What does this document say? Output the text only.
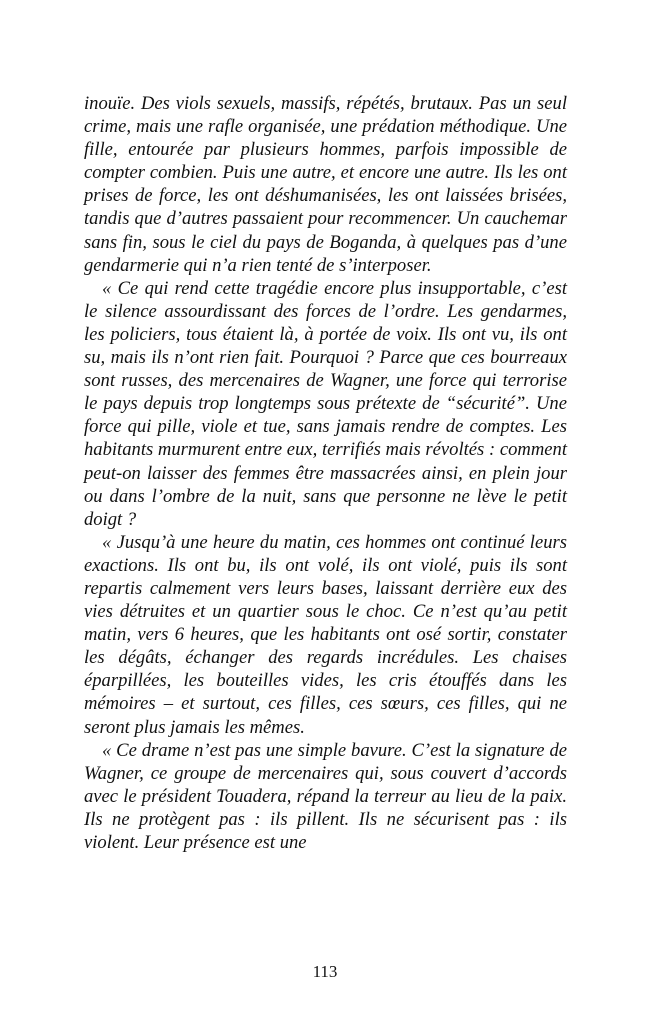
inouïe. Des viols sexuels, massifs, répétés, brutaux. Pas un seul crime, mais une rafle organisée, une prédation méthodique. Une fille, entourée par plusieurs hommes, parfois impossible de compter combien. Puis une autre, et encore une autre. Ils les ont prises de force, les ont déshumanisées, les ont laissées brisées, tandis que d’autres passaient pour recommencer. Un cauchemar sans fin, sous le ciel du pays de Boganda, à quelques pas d’une gendarmerie qui n’a rien tenté de s’interposer.

« Ce qui rend cette tragédie encore plus insupportable, c’est le silence assourdissant des forces de l’ordre. Les gendarmes, les policiers, tous étaient là, à portée de voix. Ils ont vu, ils ont su, mais ils n’ont rien fait. Pourquoi ? Parce que ces bourreaux sont russes, des mercenaires de Wagner, une force qui terrorise le pays depuis trop longtemps sous prétexte de “sécurité”. Une force qui pille, viole et tue, sans jamais rendre de comptes. Les habitants murmurent entre eux, terrifiés mais révoltés : comment peut-on laisser des femmes être massacrées ainsi, en plein jour ou dans l’ombre de la nuit, sans que personne ne lève le petit doigt ?

« Jusqu’à une heure du matin, ces hommes ont continué leurs exactions. Ils ont bu, ils ont volé, ils ont violé, puis ils sont repartis calmement vers leurs bases, laissant derrière eux des vies détruites et un quartier sous le choc. Ce n’est qu’au petit matin, vers 6 heures, que les habitants ont osé sortir, constater les dégâts, échanger des regards incrédules. Les chaises éparpillées, les bouteilles vides, les cris étouffés dans les mémoires – et surtout, ces filles, ces sœurs, ces filles, qui ne seront plus jamais les mêmes.

« Ce drame n’est pas une simple bavure. C’est la signature de Wagner, ce groupe de mercenaires qui, sous couvert d’accords avec le président Touadera, répand la terreur au lieu de la paix. Ils ne protègent pas : ils pillent. Ils ne sécurisent pas : ils violent. Leur présence est une

113
